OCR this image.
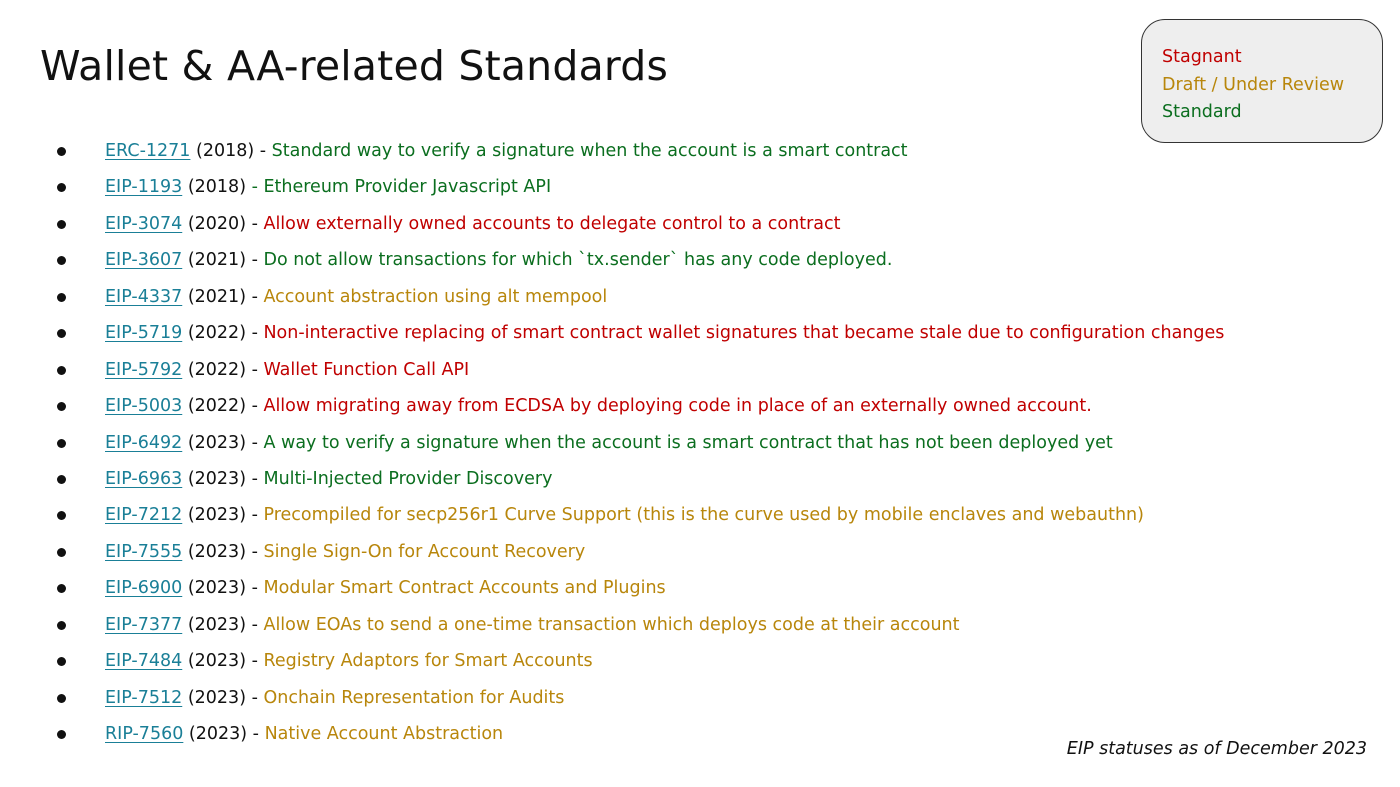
Wallet & AA-related Standards	Stagnant
Draft / Under Review
Standard
ERC-1271 (2018) - Standard way to verify a signature when the account is a smart contract
EIP-1193 (2018) - Ethereum Provider Javascript API
EIP-3074 (2020) - Allow externally owned accounts to delegate control to a contract
EIP-3607 (2021) - Do not allow transactions for which `tx.sender` has any code deployed.
EIP-4337 (2021) - Account abstraction using alt mempool
EIP-5719 (2022) - Non-interactive replacing of smart contract wallet signatures that became stale due to configuration changes
EIP-5792 (2022) - Wallet Function Call API
EIP-5003 (2022) - Allow migrating away from ECDSA by deploying code in place of an externally owned account.
EIP-6492 (2023) - A way to verify a signature when the account is a smart contract that has not been deployed yet
EIP-6963 (2023) - Multi-Injected Provider Discovery
EIP-7212 (2023) - Precompiled for secp256r1 Curve Support (this is the curve used by mobile enclaves and webauthn)
EIP-7555 (2023) - Single Sign-On for Account Recovery
EIP-6900 (2023) - Modular Smart Contract Accounts and Plugins
EIP-7377 (2023) - Allow EOAs to send a one-time transaction which deploys code at their account
EIP-7484 (2023) - Registry Adaptors for Smart Accounts
EIP-7512 (2023) - Onchain Representation for Audits
RIP-7560 (2023) - Native Account Abstraction
EIP statuses as of December 2023
